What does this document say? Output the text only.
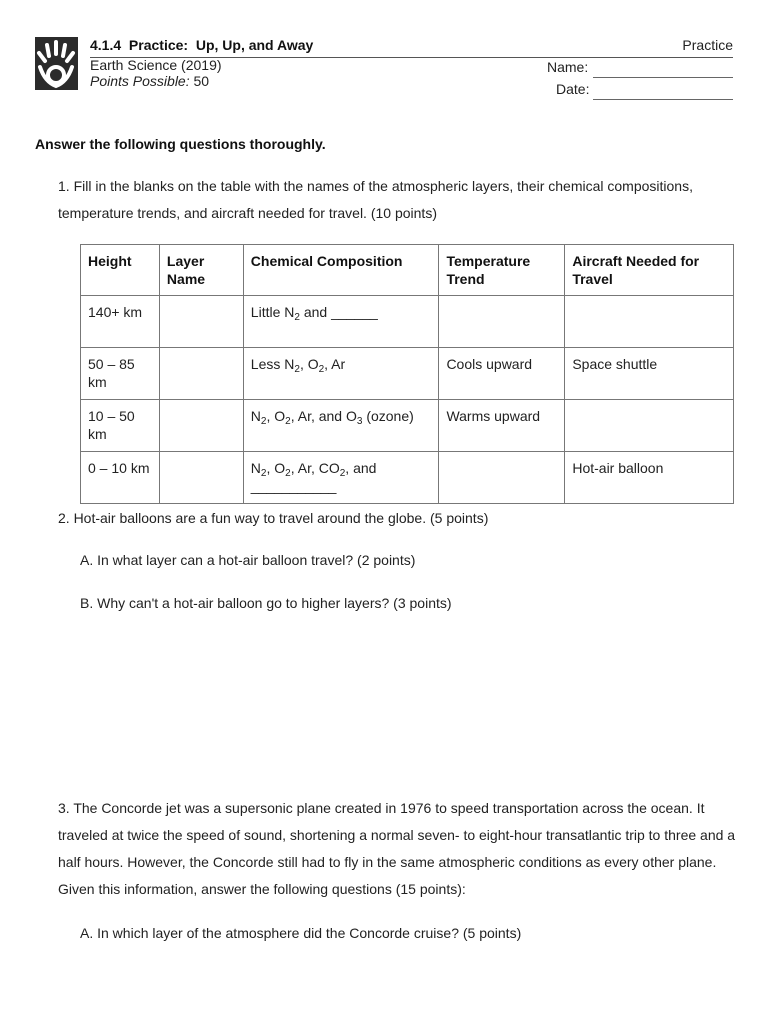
4.1.4  Practice:  Up, Up, and Away	Practice
Earth Science (2019)
Points Possible: 50
Name:
Date:
Answer the following questions thoroughly.
1. Fill in the blanks on the table with the names of the atmospheric layers, their chemical compositions, temperature trends, and aircraft needed for travel. (10 points)
Height	Layer Name	Chemical Composition	Temperature Trend	Aircraft Needed for Travel
140+ km		Little $N_2$ and ______		
50 – 85 km		Less $N_2$, $O_2$, Ar	Cools upward	Space shuttle
10 – 50 km		$N_2$, $O_2$, Ar, and $O_3$ (ozone)	Warms upward	
0 – 10 km		$N_2$, $O_2$, Ar, $CO_2$, and ___________		Hot-air balloon
2. Hot-air balloons are a fun way to travel around the globe. (5 points)
A. In what layer can a hot-air balloon travel? (2 points)
B. Why can't a hot-air balloon go to higher layers? (3 points)
3. The Concorde jet was a supersonic plane created in 1976 to speed transportation across the ocean. It traveled at twice the speed of sound, shortening a normal seven- to eight-hour transatlantic trip to three and a half hours. However, the Concorde still had to fly in the same atmospheric conditions as every other plane. Given this information, answer the following questions (15 points):
A. In which layer of the atmosphere did the Concorde cruise? (5 points)
